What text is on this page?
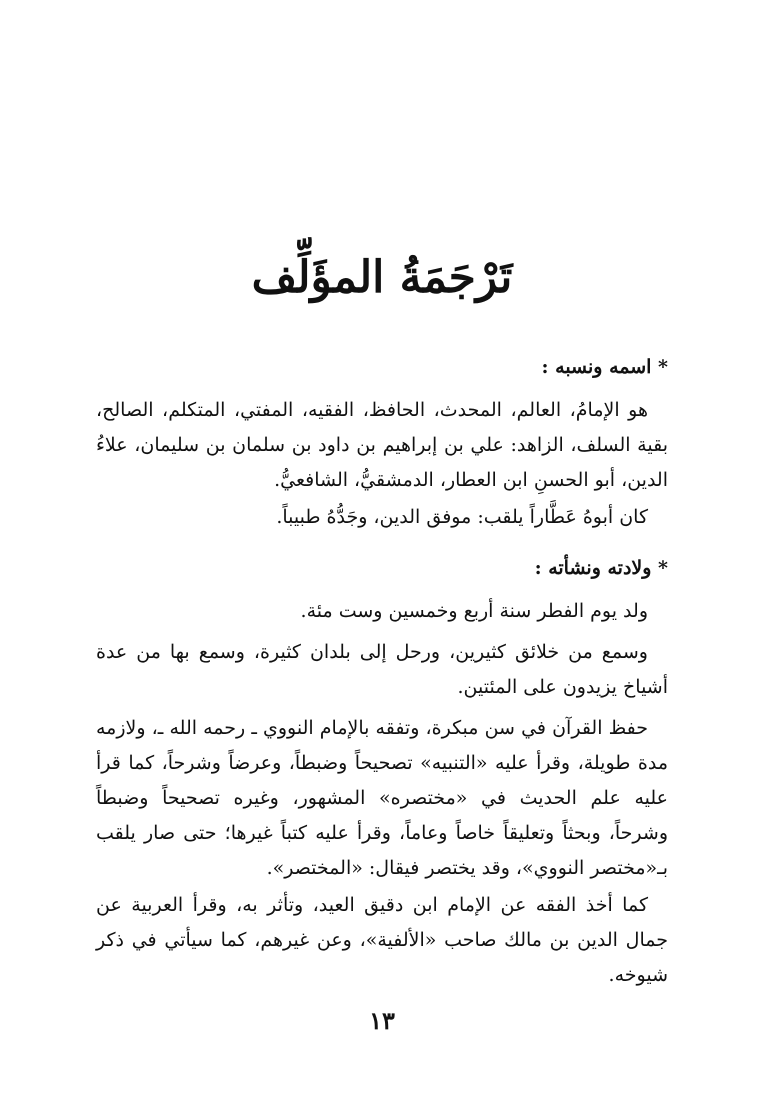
تَرْجَمَةُ المؤَلِّف

* اسمه ونسبه :

هو الإمامُ، العالم، المحدث، الحافظ، الفقيه، المفتي، المتكلم، الصالح، بقية السلف، الزاهد: علي بن إبراهيم بن داود بن سلمان بن سليمان، علاءُ الدين، أبو الحسنِ ابن العطار، الدمشقيُّ، الشافعيُّ.

كان أبوهُ عَطَّاراً يلقب: موفق الدين، وجَدُّهُ طبيباً.

* ولادته ونشأته :

ولد يوم الفطر سنة أربع وخمسين وست مئة.

وسمع من خلائق كثيرين، ورحل إلى بلدان كثيرة، وسمع بها من عدة أشياخ يزيدون على المئتين.

حفظ القرآن في سن مبكرة، وتفقه بالإمام النووي ـ رحمه الله ـ، ولازمه مدة طويلة، وقرأ عليه «التنبيه» تصحيحاً وضبطاً، وعرضاً وشرحاً، كما قرأ عليه علم الحديث في «مختصره» المشهور، وغيره تصحيحاً وضبطاً وشرحاً، وبحثاً وتعليقاً خاصاً وعاماً، وقرأ عليه كتباً غيرها؛ حتى صار يلقب بـ«مختصر النووي»، وقد يختصر فيقال: «المختصر».

كما أخذ الفقه عن الإمام ابن دقيق العيد، وتأثر به، وقرأ العربية عن جمال الدين بن مالك صاحب «الألفية»، وعن غيرهم، كما سيأتي في ذكر شيوخه.

١٣
